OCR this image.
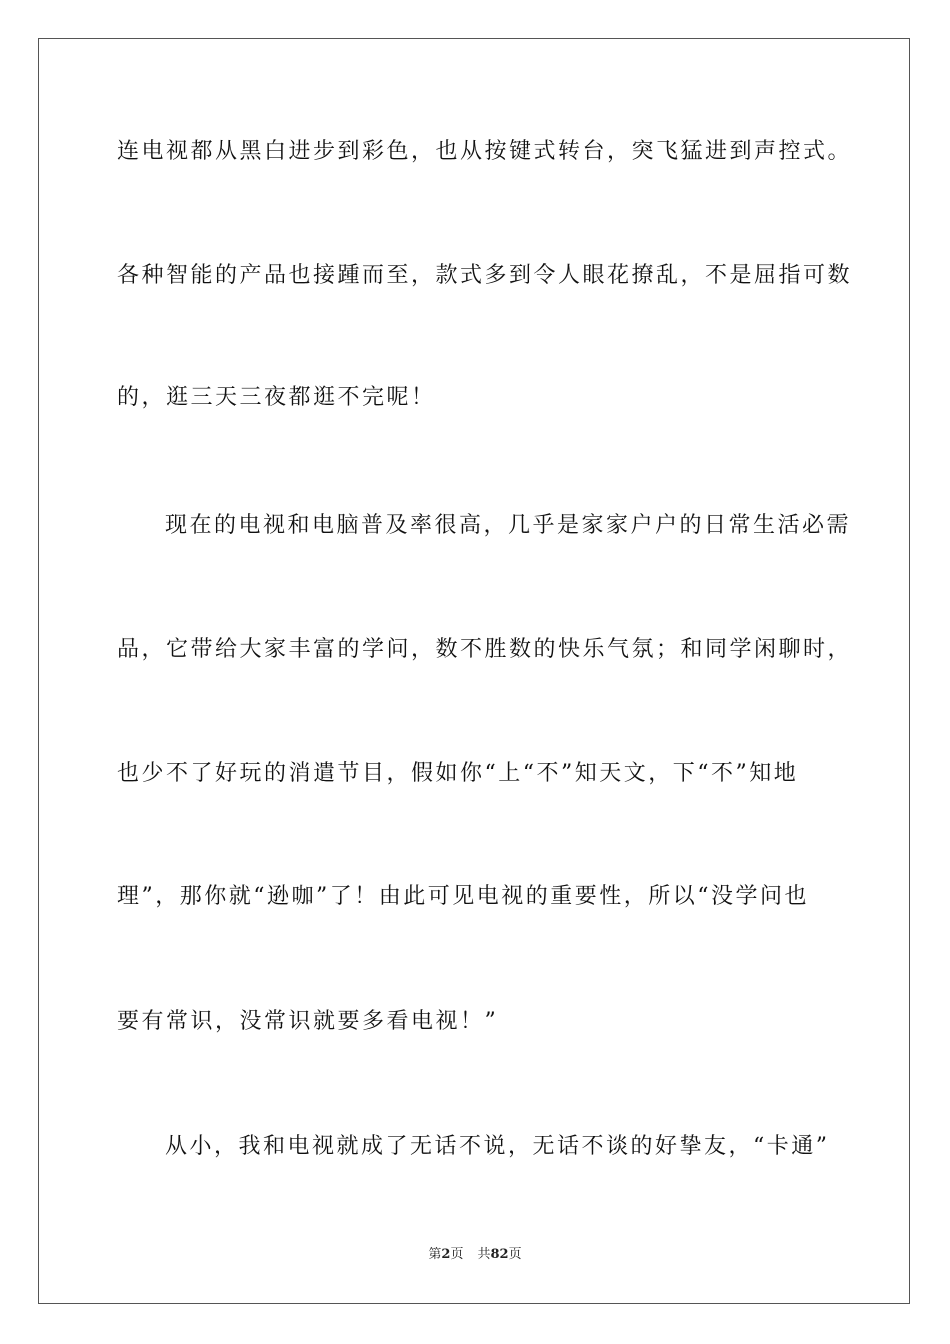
连电视都从黑白进步到彩色，也从按键式转台，突飞猛进到声控式。
各种智能的产品也接踵而至，款式多到令人眼花撩乱，不是屈指可数
的，逛三天三夜都逛不完呢！
现在的电视和电脑普及率很高，几乎是家家户户的日常生活必需
品，它带给大家丰富的学问，数不胜数的快乐气氛；和同学闲聊时，
也少不了好玩的消遣节目，假如你“上“不”知天文，下“不”知地
理”，那你就“逊咖”了！由此可见电视的重要性，所以“没学问也
要有常识，没常识就要多看电视！”
从小，我和电视就成了无话不说，无话不谈的好挚友，“卡通”
第2页 共82页
